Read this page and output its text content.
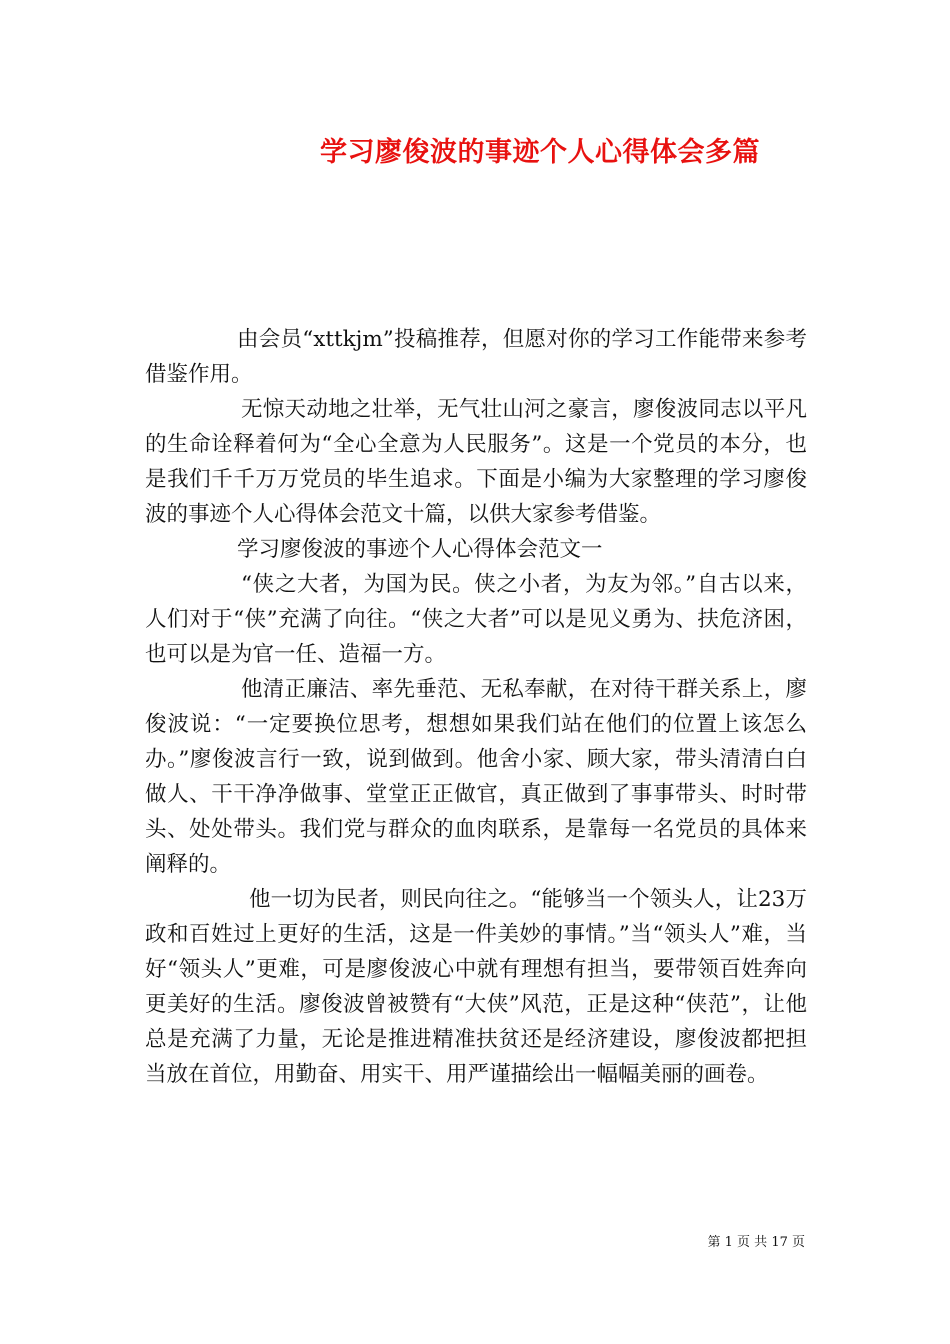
学习廖俊波的事迹个人心得体会多篇

由会员“xttkjm”投稿推荐，但愿对你的学习工作能带来参考借鉴作用。

无惊天动地之壮举，无气壮山河之豪言，廖俊波同志以平凡的生命诠释着何为“全心全意为人民服务”。这是一个党员的本分，也是我们千千万万党员的毕生追求。下面是小编为大家整理的学习廖俊波的事迹个人心得体会范文十篇，以供大家参考借鉴。

学习廖俊波的事迹个人心得体会范文一

“侠之大者，为国为民。侠之小者，为友为邻。”自古以来，人们对于“侠”充满了向往。“侠之大者”可以是见义勇为、扶危济困，也可以是为官一任、造福一方。

他清正廉洁、率先垂范、无私奉献，在对待干群关系上，廖俊波说：“一定要换位思考，想想如果我们站在他们的位置上该怎么办。”廖俊波言行一致，说到做到。他舍小家、顾大家，带头清清白白做人、干干净净做事、堂堂正正做官，真正做到了事事带头、时时带头、处处带头。我们党与群众的血肉联系，是靠每一名党员的具体来阐释的。

他一切为民者，则民向往之。“能够当一个领头人，让23万政和百姓过上更好的生活，这是一件美妙的事情。”当“领头人”难，当好“领头人”更难，可是廖俊波心中就有理想有担当，要带领百姓奔向更美好的生活。廖俊波曾被赞有“大侠”风范，正是这种“侠范”，让他总是充满了力量，无论是推进精准扶贫还是经济建设，廖俊波都把担当放在首位，用勤奋、用实干、用严谨描绘出一幅幅美丽的画卷。

第 1 页 共 17 页
